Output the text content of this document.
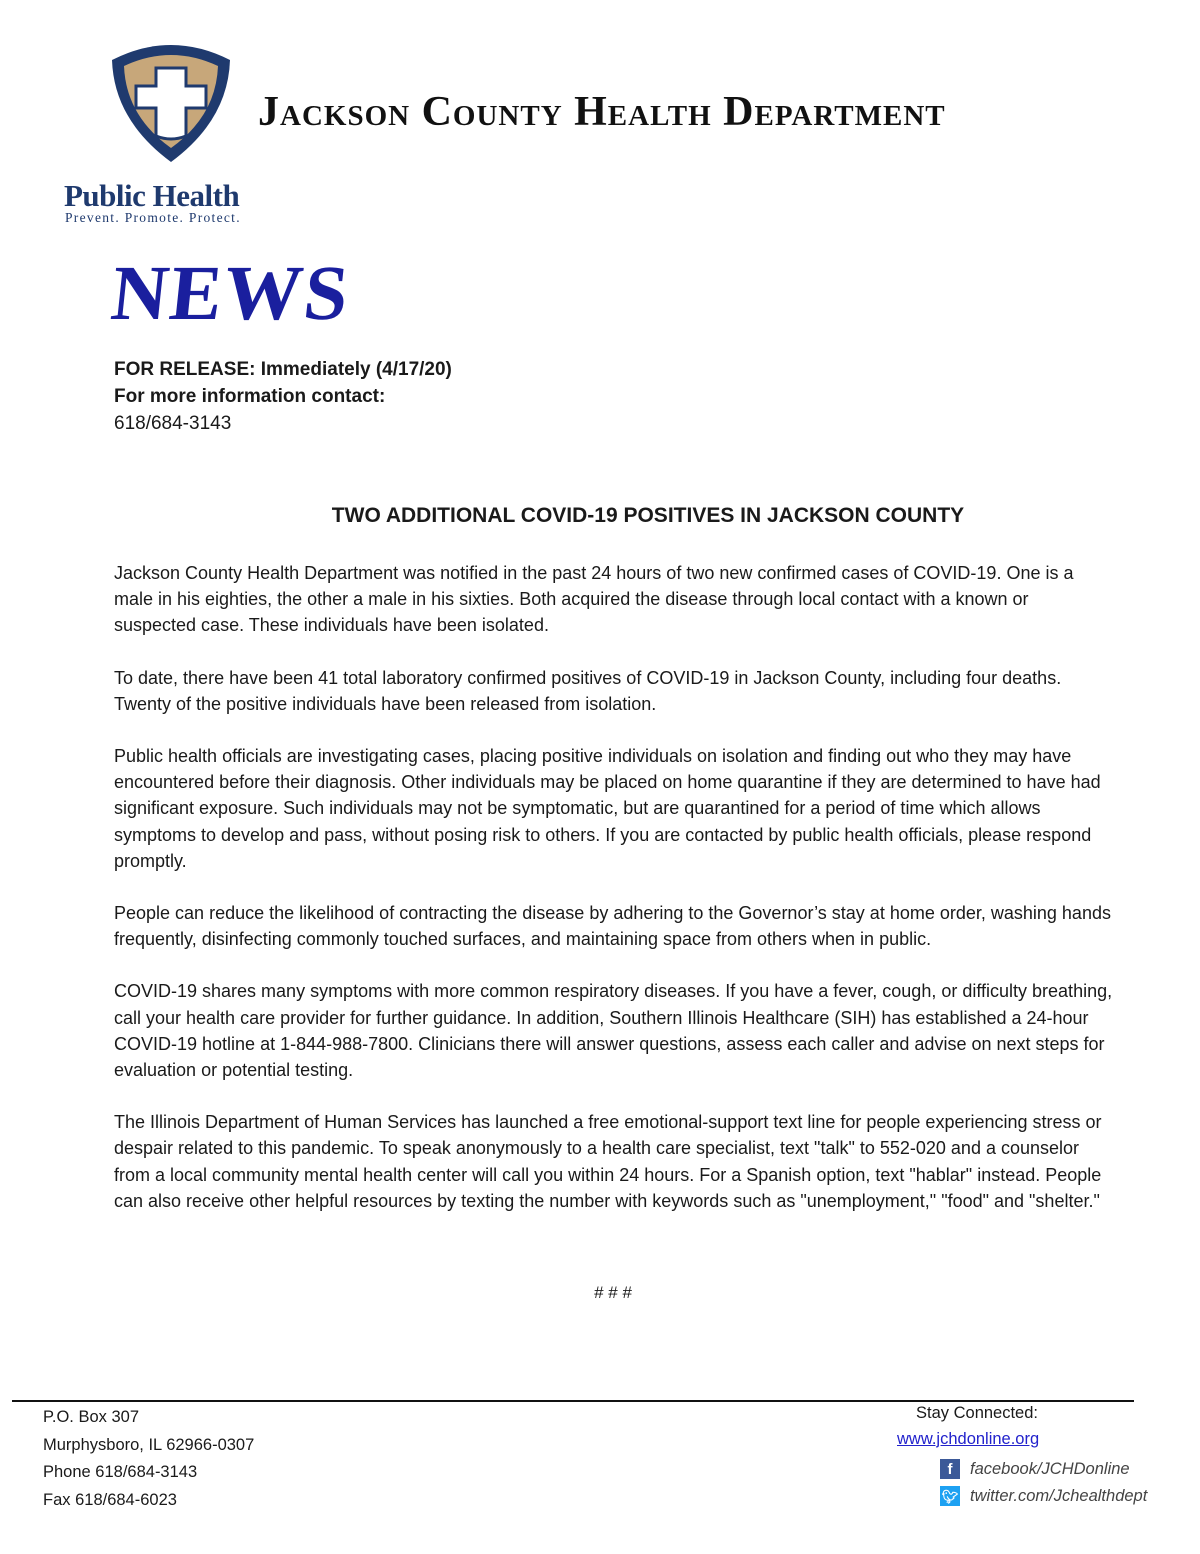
Jackson County Health Department
Public Health
Prevent. Promote. Protect.
NEWS
FOR RELEASE: Immediately (4/17/20)
For more information contact:
618/684-3143
TWO ADDITIONAL COVID-19 POSITIVES IN JACKSON COUNTY

Jackson County Health Department was notified in the past 24 hours of two new confirmed cases of COVID-19. One is a male in his eighties, the other a male in his sixties. Both acquired the disease through local contact with a known or suspected case. These individuals have been isolated.

To date, there have been 41 total laboratory confirmed positives of COVID-19 in Jackson County, including four deaths. Twenty of the positive individuals have been released from isolation.

Public health officials are investigating cases, placing positive individuals on isolation and finding out who they may have encountered before their diagnosis. Other individuals may be placed on home quarantine if they are determined to have had significant exposure. Such individuals may not be symptomatic, but are quarantined for a period of time which allows symptoms to develop and pass, without posing risk to others. If you are contacted by public health officials, please respond promptly.

People can reduce the likelihood of contracting the disease by adhering to the Governor’s stay at home order, washing hands frequently, disinfecting commonly touched surfaces, and maintaining space from others when in public.

COVID-19 shares many symptoms with more common respiratory diseases. If you have a fever, cough, or difficulty breathing, call your health care provider for further guidance. In addition, Southern Illinois Healthcare (SIH) has established a 24-hour COVID-19 hotline at 1-844-988-7800. Clinicians there will answer questions, assess each caller and advise on next steps for evaluation or potential testing.

The Illinois Department of Human Services has launched a free emotional-support text line for people experiencing stress or despair related to this pandemic. To speak anonymously to a health care specialist, text "talk" to 552-020 and a counselor from a local community mental health center will call you within 24 hours. For a Spanish option, text "hablar" instead. People can also receive other helpful resources by texting the number with keywords such as "unemployment," "food" and "shelter."

# # #
P.O. Box 307
Murphysboro, IL 62966-0307
Phone 618/684-3143
Fax 618/684-6023
Stay Connected:
www.jchdonline.org
f	facebook/JCHDonline
🐦︎ twitter.com/Jchealthdept
